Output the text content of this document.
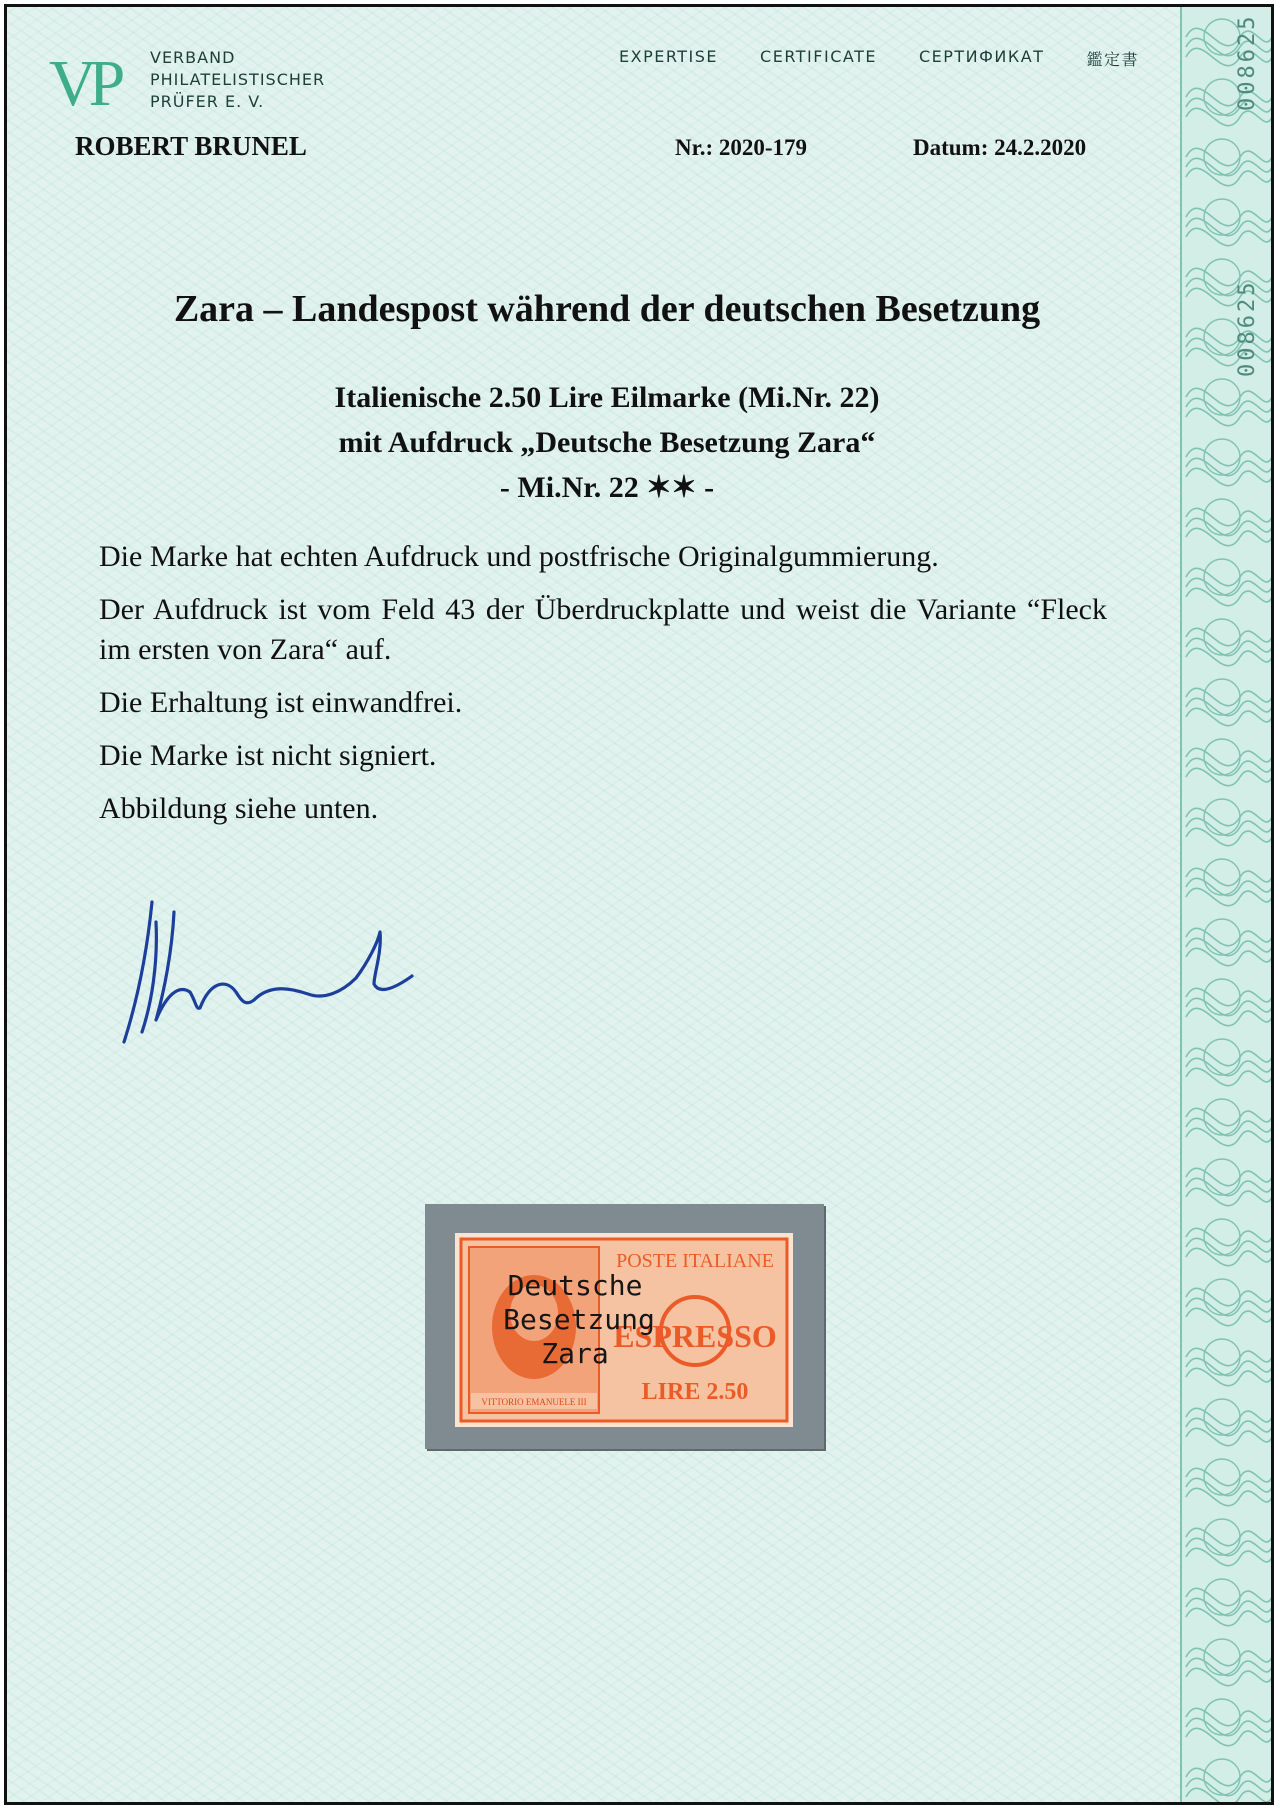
008625
008625
VP	VERBAND
PHILATELISTISCHER
PRÜFER E. V.
EXPERTISE	CERTIFICATE	СЕРТИФИКАТ	鑑定書
ROBERT BRUNEL	Nr.: 2020-179	Datum: 24.2.2020
Zara – Landespost während der deutschen Besetzung
Italienische 2.50 Lire Eilmarke (Mi.Nr. 22)
mit Aufdruck „Deutsche Besetzung Zara“
- Mi.Nr. 22 ✶✶ -

Die Marke hat echten Aufdruck und postfrische Originalgummierung.

Der Aufdruck ist vom Feld 43 der Überdruckplatte und weist die Variante “Fleck im ersten von Zara“ auf.

Die Erhaltung ist einwandfrei.

Die Marke ist nicht signiert.

Abbildung siehe unten.

VITTORIO EMANUELE III
POSTE ITALIANE
ESPRESSO
LIRE 2.50
Deutsche
Besetzung
Zara
